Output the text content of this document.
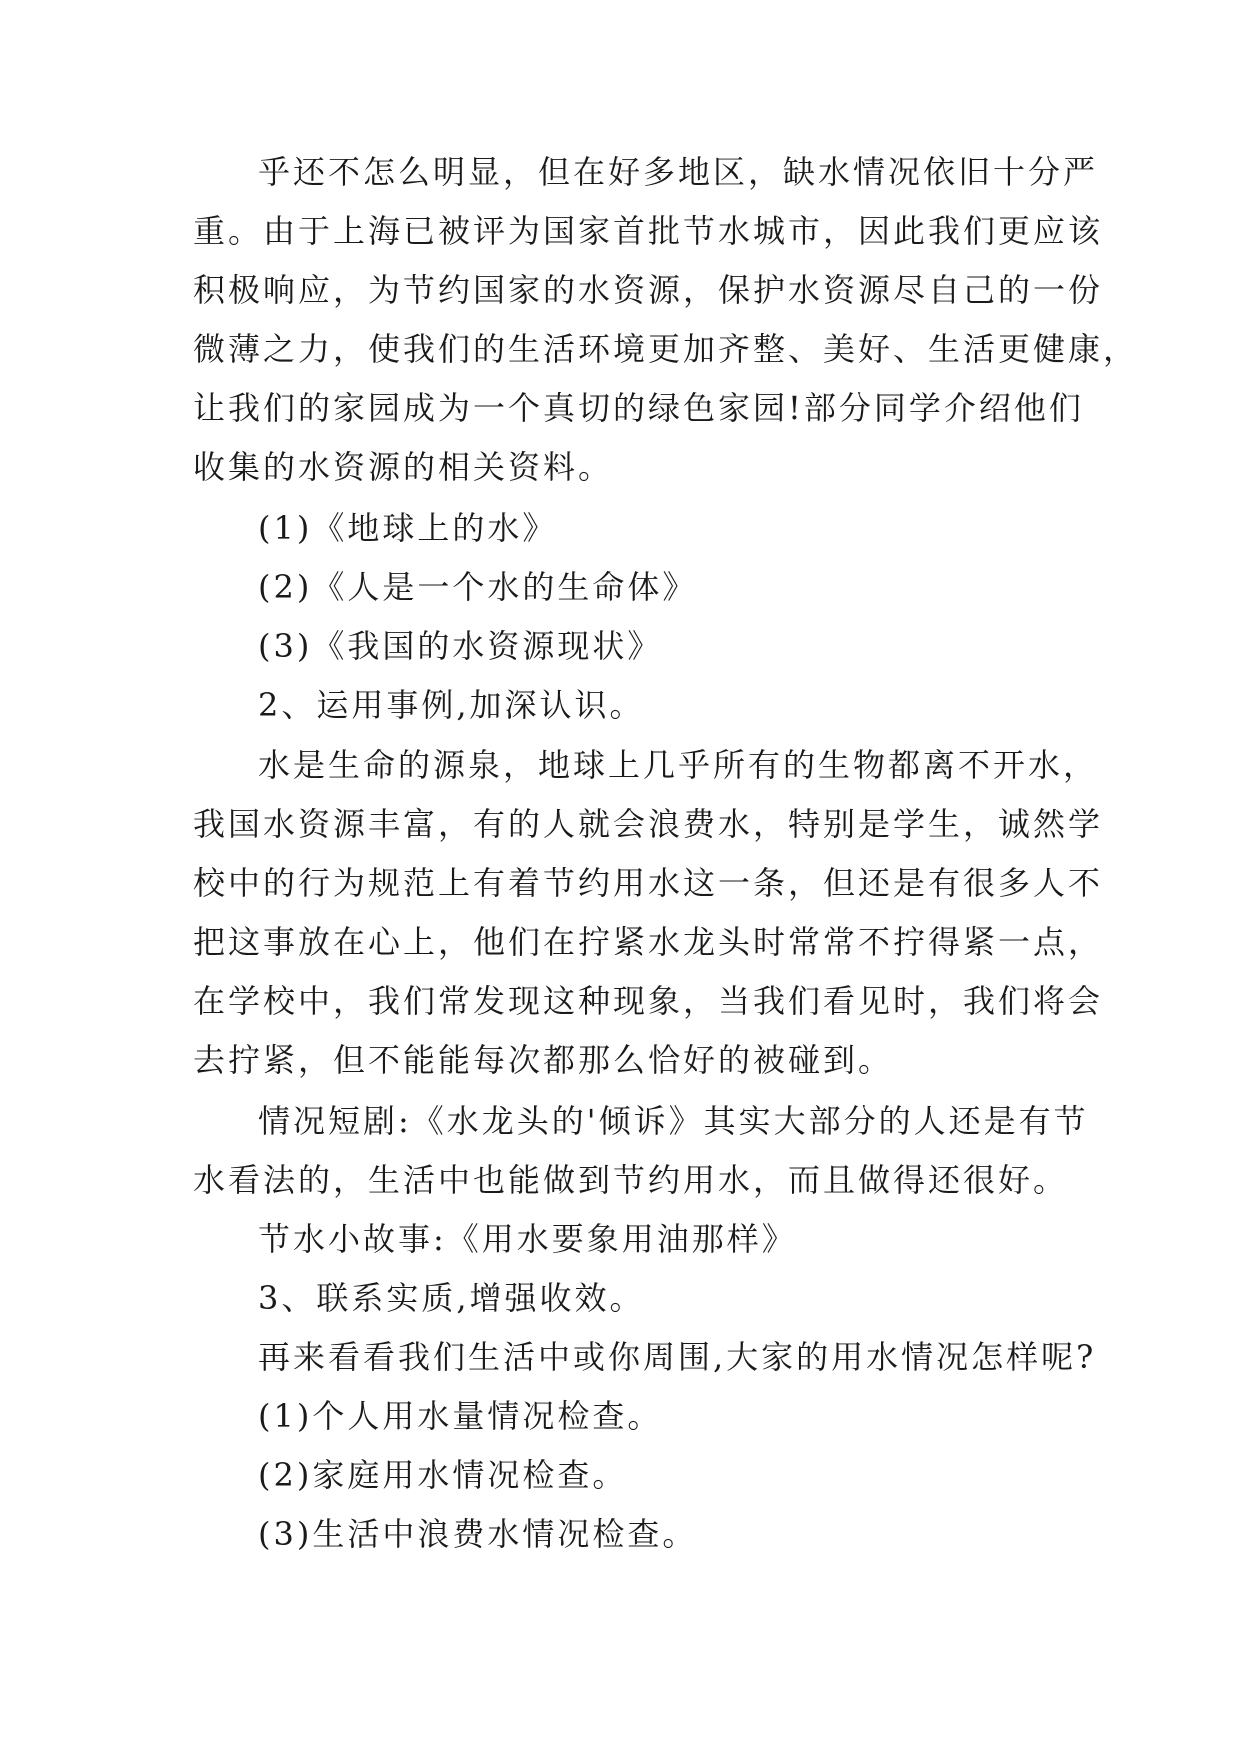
乎还不怎么明显，但在好多地区，缺水情况依旧十分严
重。由于上海已被评为国家首批节水城市，因此我们更应该
积极响应，为节约国家的水资源，保护水资源尽自己的一份
微薄之力，使我们的生活环境更加齐整、美好、生活更健康，
让我们的家园成为一个真切的绿色家园!部分同学介绍他们
收集的水资源的相关资料。
(1)《地球上的水》
(2)《人是一个水的生命体》
(3)《我国的水资源现状》
2、运用事例,加深认识。
水是生命的源泉，地球上几乎所有的生物都离不开水，
我国水资源丰富，有的人就会浪费水，特别是学生，诚然学
校中的行为规范上有着节约用水这一条，但还是有很多人不
把这事放在心上，他们在拧紧水龙头时常常不拧得紧一点，
在学校中，我们常发现这种现象，当我们看见时，我们将会
去拧紧，但不能能每次都那么恰好的被碰到。
情况短剧:《水龙头的'倾诉》其实大部分的人还是有节
水看法的，生活中也能做到节约用水，而且做得还很好。
节水小故事:《用水要象用油那样》
3、联系实质,增强收效。
再来看看我们生活中或你周围,大家的用水情况怎样呢?
(1)个人用水量情况检查。
(2)家庭用水情况检查。
(3)生活中浪费水情况检查。
